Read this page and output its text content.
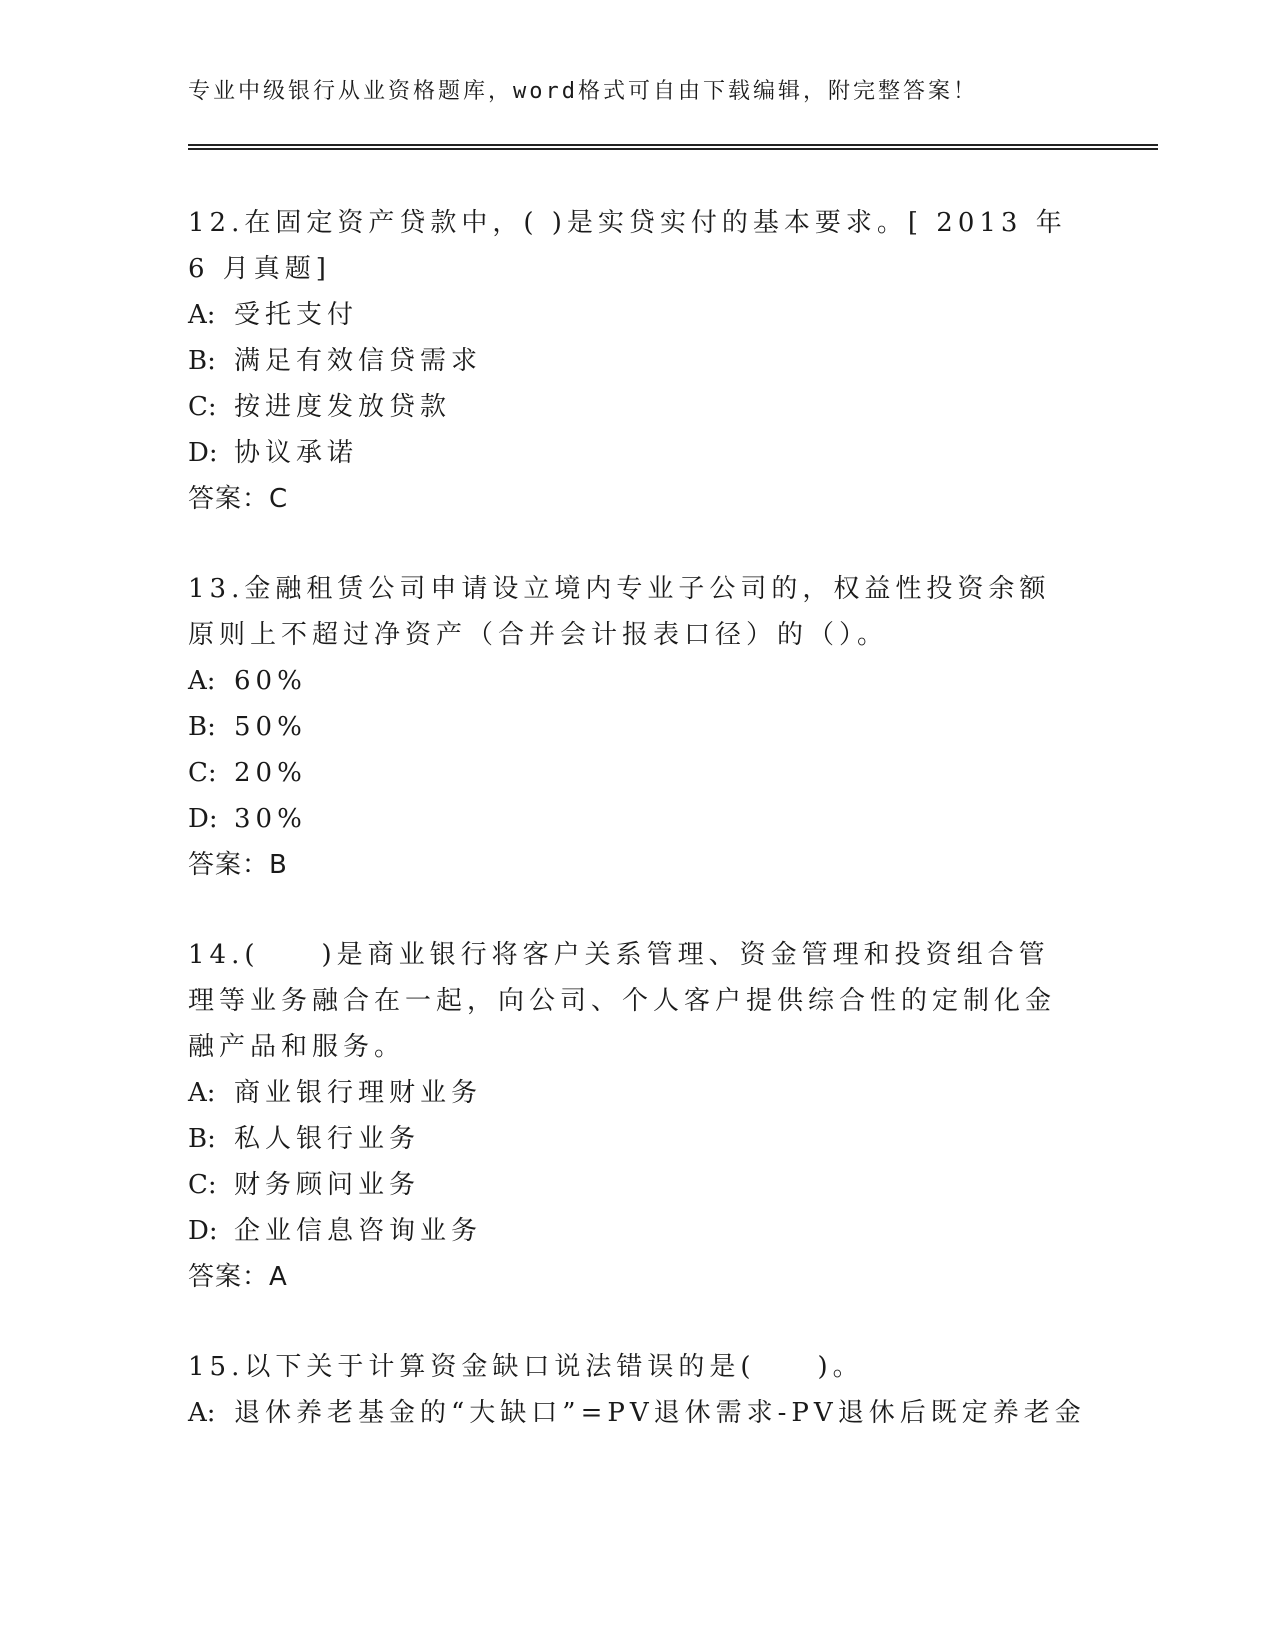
专业中级银行从业资格题库，word格式可自由下载编辑，附完整答案！

12.在固定资产贷款中，( )是实贷实付的基本要求。[ 2013 年 6 月真题]

A: 受托支付

B: 满足有效信贷需求

C: 按进度发放贷款

D: 协议承诺

答案：C

13.金融租赁公司申请设立境内专业子公司的，权益性投资余额原则上不超过净资产（合并会计报表口径）的（）。

A: 60%

B: 50%

C: 20%

D: 30%

答案：B

14.(　　)是商业银行将客户关系管理、资金管理和投资组合管理等业务融合在一起，向公司、个人客户提供综合性的定制化金融产品和服务。

A: 商业银行理财业务

B: 私人银行业务

C: 财务顾问业务

D: 企业信息咨询业务

答案：A

15.以下关于计算资金缺口说法错误的是(　　)。

A: 退休养老基金的“大缺口”=PV退休需求-PV退休后既定养老金
